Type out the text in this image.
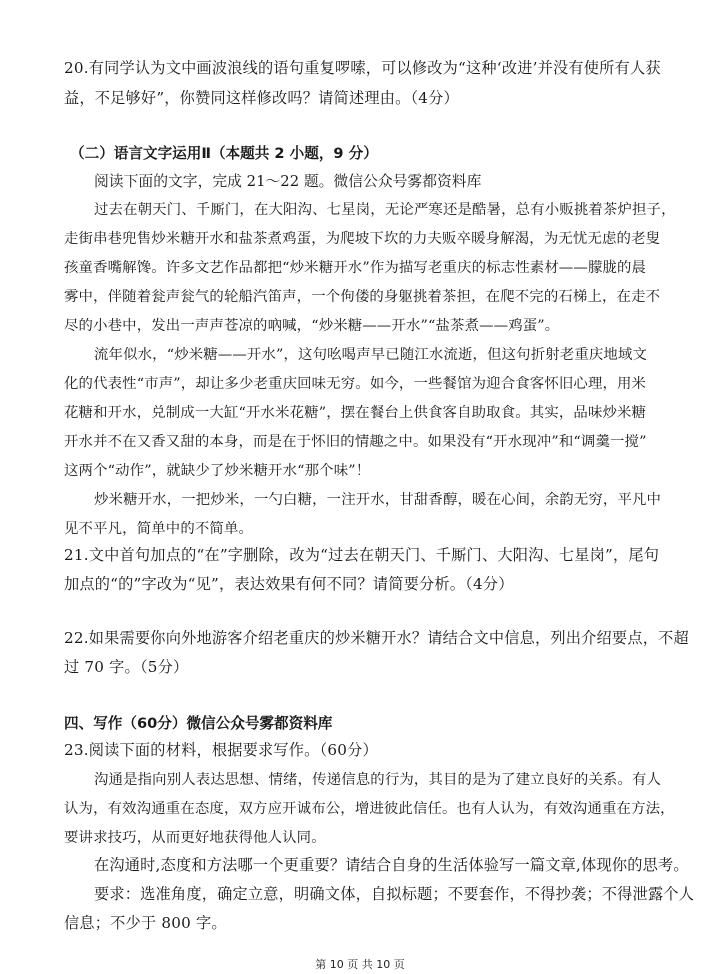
20.有同学认为文中画波浪线的语句重复啰嗦，可以修改为“这种‘改进’并没有使所有人获
益，不足够好”，你赞同这样修改吗？请简述理由。（4分）
（二）语言文字运用Ⅱ（本题共 2 小题，9 分）
阅读下面的文字，完成 21～22 题。微信公众号雾都资料库
过去在朝天门、千厮门，在大阳沟、七星岗，无论严寒还是酷暑，总有小贩挑着茶炉担子，
走街串巷兜售炒米糖开水和盐茶煮鸡蛋，为爬坡下坎的力夫贩卒暖身解渴，为无忧无虑的老叟
孩童香嘴解馋。许多文艺作品都把“炒米糖开水”作为描写老重庆的标志性素材——朦胧的晨
雾中，伴随着瓮声瓮气的轮船汽笛声，一个佝偻的身躯挑着茶担，在爬不完的石梯上，在走不
尽的小巷中，发出一声声苍凉的吶喊，“炒米糖——开水”“盐茶煮——鸡蛋”。
流年似水，“炒米糖——开水”，这句吆喝声早已随江水流逝，但这句折射老重庆地域文
化的代表性“市声”，却让多少老重庆回味无穷。如今，一些餐馆为迎合食客怀旧心理，用米
花糖和开水，兑制成一大缸“开水米花糖”，摆在餐台上供食客自助取食。其实，品味炒米糖
开水并不在又香又甜的本身，而是在于怀旧的情趣之中。如果没有“开水现冲”和“调羹一搅”
这两个“动作”，就缺少了炒米糖开水“那个味”！
炒米糖开水，一把炒米，一勺白糖，一注开水，甘甜香醇，暖在心间，余韵无穷，平凡中
见不平凡，简单中的不简单。
21.文中首句加点的“在”字删除，改为“过去在朝天门、千厮门、大阳沟、七星岗”，尾句
加点的“的”字改为“见”，表达效果有何不同？请简要分析。（4分）
22.如果需要你向外地游客介绍老重庆的炒米糖开水？请结合文中信息，列出介绍要点，不超
过 70 字。（5分）
四、写作（60分）微信公众号雾都资料库
23.阅读下面的材料，根据要求写作。（60分）
沟通是指向别人表达思想、情绪，传递信息的行为，其目的是为了建立良好的关系。有人
认为，有效沟通重在态度，双方应开诚布公，增进彼此信任。也有人认为，有效沟通重在方法，
要讲求技巧，从而更好地获得他人认同。
在沟通时,态度和方法哪一个更重要？请结合自身的生活体验写一篇文章,体现你的思考。
要求：选准角度，确定立意，明确文体，自拟标题；不要套作，不得抄袭；不得泄露个人
信息；不少于 800 字。
第 10 页 共 10 页
